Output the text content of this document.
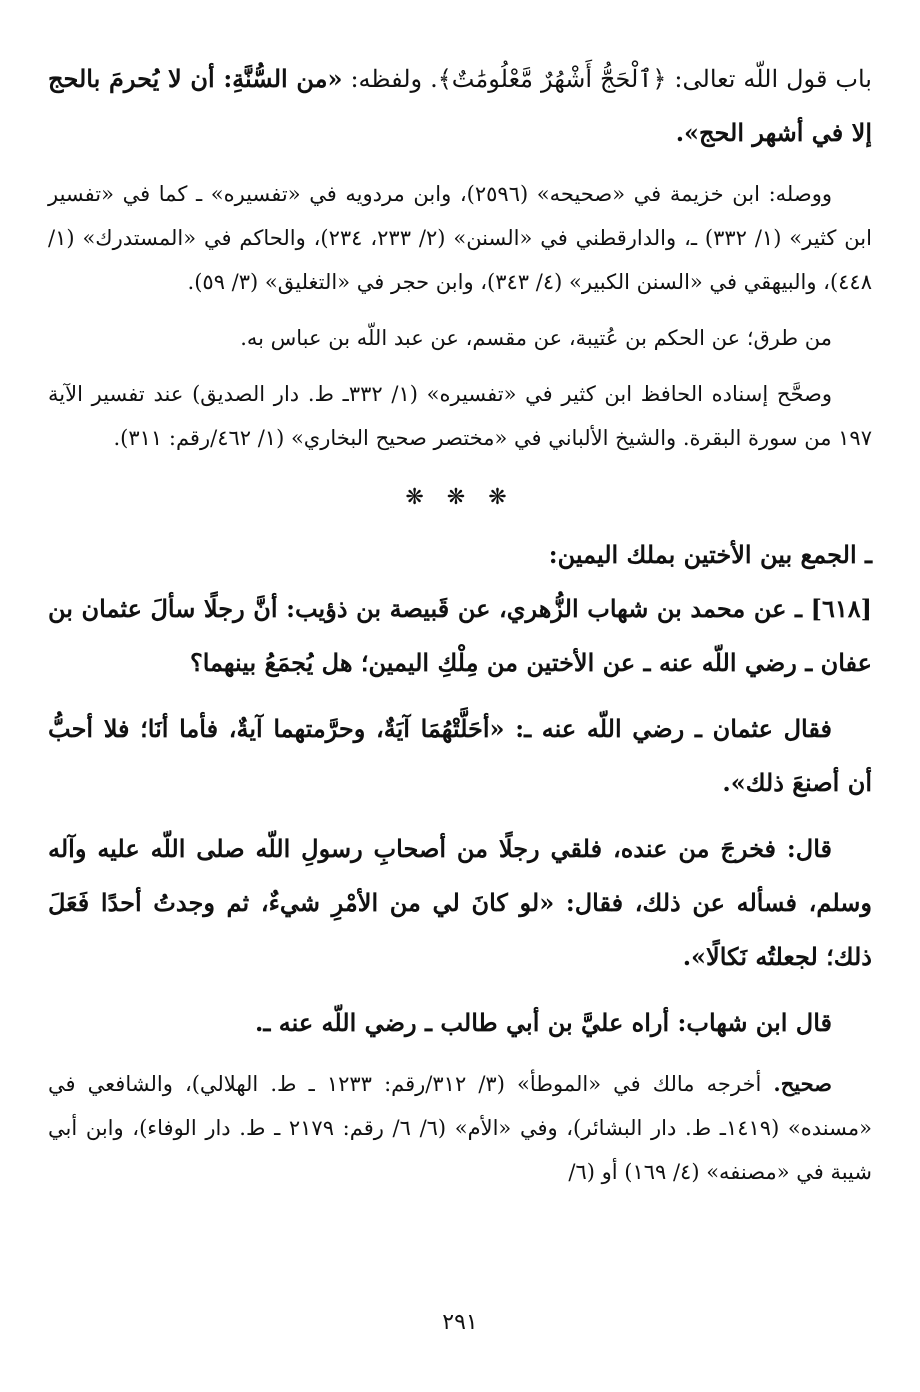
باب قول اللّه تعالى: ﴿ٱلْحَجُّ أَشْهُرٌ مَّعْلُومَٰتٌ﴾. ولفظه: «من السُّنَّةِ: أن لا يُحرمَ بالحج إلا في أشهر الحج».

ووصله: ابن خزيمة في «صحيحه» (٢٥٩٦)، وابن مردويه في «تفسيره» ـ كما في «تفسير ابن كثير» (١/ ٣٣٢) ـ، والدارقطني في «السنن» (٢/ ٢٣٣، ٢٣٤)، والحاكم في «المستدرك» (١/ ٤٤٨)، والبيهقي في «السنن الكبير» (٤/ ٣٤٣)، وابن حجر في «التغليق» (٣/ ٥٩).

من طرق؛ عن الحكم بن عُتيبة، عن مقسم، عن عبد اللّه بن عباس به.

وصحَّح إسناده الحافظ ابن كثير في «تفسيره» (١/ ٣٣٢ـ ط. دار الصديق) عند تفسير الآية ١٩٧ من سورة البقرة. والشيخ الألباني في «مختصر صحيح البخاري» (١/ ٤٦٢/رقم: ٣١١).

❋ ❋ ❋

ـ الجمع بين الأختين بملك اليمين:

[٦١٨] ـ عن محمد بن شهاب الزُّهري، عن قَبيصة بن ذؤيب: أنَّ رجلًا سألَ عثمان بن عفان ـ رضي اللّه عنه ـ عن الأختين من مِلْكِ اليمين؛ هل يُجمَعُ بينهما؟

فقال عثمان ـ رضي اللّه عنه ـ: «أحَلَّتْهُمَا آيَةٌ، وحرَّمتهما آيةٌ، فأما أنَا؛ فلا أحبُّ أن أصنعَ ذلك».

قال: فخرجَ من عنده، فلقي رجلًا من أصحابِ رسولِ اللّه صلى اللّه عليه وآله وسلم، فسأله عن ذلك، فقال: «لو كانَ لي من الأمْرِ شيءٌ، ثم وجدتُ أحدًا فَعَلَ ذلك؛ لجعلتُه نَكالًا».

قال ابن شهاب: أراه عليَّ بن أبي طالب ـ رضي اللّه عنه ـ.

صحيح. أخرجه مالك في «الموطأ» (٣/ ٣١٢/رقم: ١٢٣٣ ـ ط. الهلالي)، والشافعي في «مسنده» (١٤١٩ـ ط. دار البشائر)، وفي «الأم» (٦/ ٦/ رقم: ٢١٧٩ ـ ط. دار الوفاء)، وابن أبي شيبة في «مصنفه» (٤/ ١٦٩) أو (٦/

٢٩١
